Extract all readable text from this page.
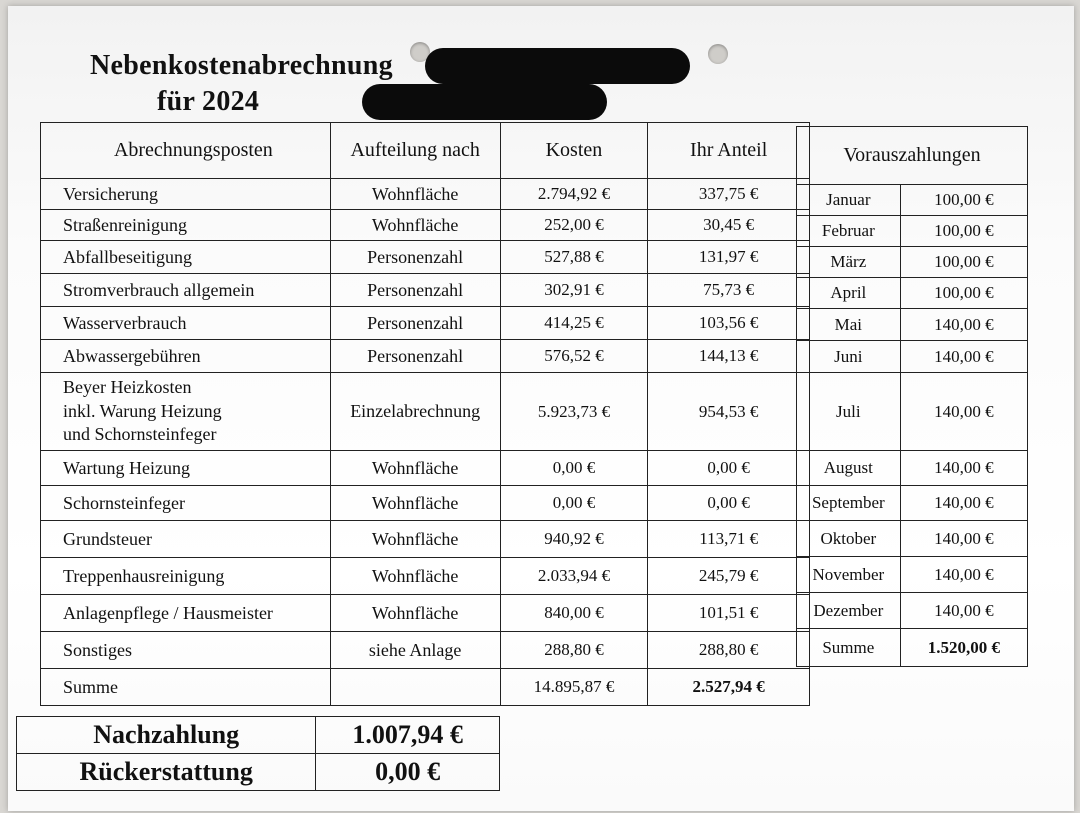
Nebenkostenabrechnung
für 2024
Abrechnungsposten	Aufteilung nach	Kosten	Ihr Anteil
Versicherung	Wohnfläche	2.794,92 €	337,75 €
Straßenreinigung	Wohnfläche	252,00 €	30,45 €
Abfallbeseitigung	Personenzahl	527,88 €	131,97 €
Stromverbrauch allgemein	Personenzahl	302,91 €	75,73 €
Wasserverbrauch	Personenzahl	414,25 €	103,56 €
Abwassergebühren	Personenzahl	576,52 €	144,13 €

Beyer Heizkosten
inkl. Warung Heizung
und Schornsteinfeger	Einzelabrechnung	5.923,73 €	954,53 €
Wartung Heizung	Wohnfläche	0,00 €	0,00 €
Schornsteinfeger	Wohnfläche	0,00 €	0,00 €
Grundsteuer	Wohnfläche	940,92 €	113,71 €
Treppenhausreinigung	Wohnfläche	2.033,94 €	245,79 €
Anlagenpflege / Hausmeister	Wohnfläche	840,00 €	101,51 €
Sonstiges	siehe Anlage	288,80 €	288,80 €
Summe		14.895,87 €	2.527,94 €
Vorauszahlungen	
Januar	100,00 €
Februar	100,00 €
März	100,00 €
April	100,00 €
Mai	140,00 €
Juni	140,00 €
Juli	140,00 €
August	140,00 €
September	140,00 €
Oktober	140,00 €
November	140,00 €
Dezember	140,00 €
Summe	1.520,00 €
Nachzahlung	1.007,94 €
Rückerstattung	0,00 €
